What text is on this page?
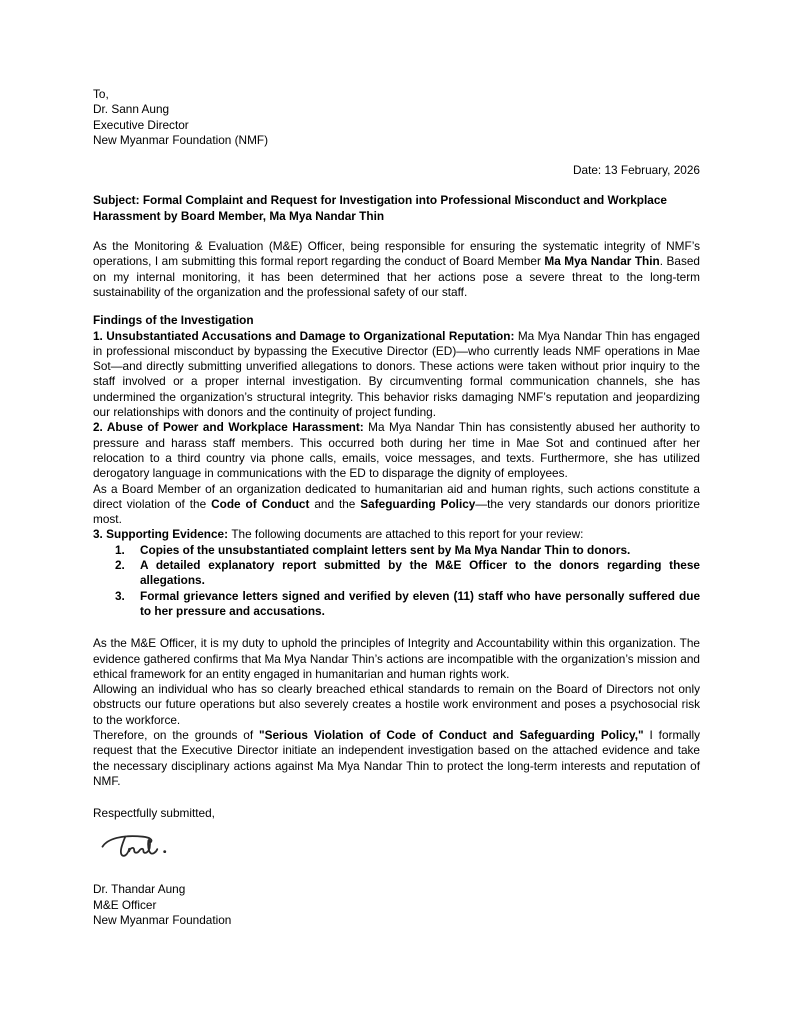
To,
Dr. Sann Aung
Executive Director
New Myanmar Foundation (NMF)
Date: 13 February, 2026
Subject: Formal Complaint and Request for Investigation into Professional Misconduct and Workplace Harassment by Board Member, Ma Mya Nandar Thin

As the Monitoring & Evaluation (M&E) Officer, being responsible for ensuring the systematic integrity of NMF’s operations, I am submitting this formal report regarding the conduct of Board Member Ma Mya Nandar Thin. Based on my internal monitoring, it has been determined that her actions pose a severe threat to the long-term sustainability of the organization and the professional safety of our staff.

Findings of the Investigation

1. Unsubstantiated Accusations and Damage to Organizational Reputation: Ma Mya Nandar Thin has engaged in professional misconduct by bypassing the Executive Director (ED)—who currently leads NMF operations in Mae Sot—and directly submitting unverified allegations to donors. These actions were taken without prior inquiry to the staff involved or a proper internal investigation. By circumventing formal communication channels, she has undermined the organization’s structural integrity. This behavior risks damaging NMF’s reputation and jeopardizing our relationships with donors and the continuity of project funding.

2. Abuse of Power and Workplace Harassment: Ma Mya Nandar Thin has consistently abused her authority to pressure and harass staff members. This occurred both during her time in Mae Sot and continued after her relocation to a third country via phone calls, emails, voice messages, and texts. Furthermore, she has utilized derogatory language in communications with the ED to disparage the dignity of employees.

As a Board Member of an organization dedicated to humanitarian aid and human rights, such actions constitute a direct violation of the Code of Conduct and the Safeguarding Policy—the very standards our donors prioritize most.

3. Supporting Evidence: The following documents are attached to this report for your review:

1. Copies of the unsubstantiated complaint letters sent by Ma Mya Nandar Thin to donors.
2. A detailed explanatory report submitted by the M&E Officer to the donors regarding these allegations.
3. Formal grievance letters signed and verified by eleven (11) staff who have personally suffered due to her pressure and accusations.

As the M&E Officer, it is my duty to uphold the principles of Integrity and Accountability within this organization. The evidence gathered confirms that Ma Mya Nandar Thin’s actions are incompatible with the organization’s mission and ethical framework for an entity engaged in humanitarian and human rights work.

Allowing an individual who has so clearly breached ethical standards to remain on the Board of Directors not only obstructs our future operations but also severely creates a hostile work environment and poses a psychosocial risk to the workforce.

Therefore, on the grounds of "Serious Violation of Code of Conduct and Safeguarding Policy," I formally request that the Executive Director initiate an independent investigation based on the attached evidence and take the necessary disciplinary actions against Ma Mya Nandar Thin to protect the long-term interests and reputation of NMF.

Respectfully submitted,

Dr. Thandar Aung
M&E Officer
New Myanmar Foundation
